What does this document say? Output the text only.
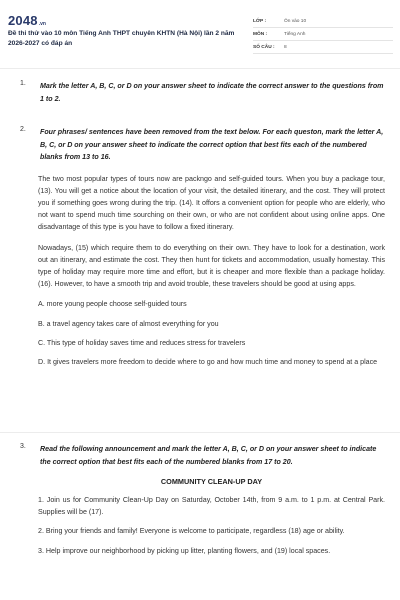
2048 .vn
Đề thi thử vào 10 môn Tiếng Anh THPT chuyên KHTN (Hà Nội) lần 2 năm 2026-2027 có đáp án
LỚP :	Ôn vào 10
MÔN :	Tiếng Anh
SỐ CÂU :	8
1. Mark the letter A, B, C, or D on your answer sheet to indicate the correct answer to the questions from 1 to 2.
2. Four phrases/ sentences have been removed from the text below. For each queston, mark the letter A, B, C, or D on your answer sheet to indicate the correct option that best fits each of the numbered blanks from 13 to 16.
The two most popular types of tours now are packngo and self-guided tours. When you buy a package tour, (13). You will get a notice about the location of your visit, the detailed itinerary, and the cost. They will protect you if something goes wrong during the trip. (14). It offors a convenient option for people who are elderly, who not want to spend much time sourching on their own, or who are not confident about using online apps. One disadvantage of this type is you have to follow a fixed itinerary.
Nowadays, (15) which require them to do everything on their own. They have to look for a destination, work out an itinerary, and estimate the cost. They then hunt for tickets and accommodation, usually homestay. This type of holiday may require more time and effort, but it is cheaper and more flexible than a package holiday. (16). However, to have a smooth trip and avoid trouble, these travelers should be good at using apps.
A. more young people choose self-guided tours
B. a travel agency takes care of almost everything for you
C. This type of holiday saves time and reduces stress for travelers
D. It gives travelers more freedom to decide where to go and how much time and money to spend at a place
3. Read the following announcement and mark the letter A, B, C, or D on your answer sheet to indicate the correct option that best fits each of the numbered blanks from 17 to 20.
COMMUNITY CLEAN-UP DAY
1. Join us for Community Clean-Up Day on Saturday, October 14th, from 9 a.m. to 1 p.m. at Central Park. Supplies will be (17).
2. Bring your friends and family! Everyone is welcome to participate, regardless (18) age or ability.
3. Help improve our neighborhood by picking up litter, planting flowers, and (19) local spaces.
